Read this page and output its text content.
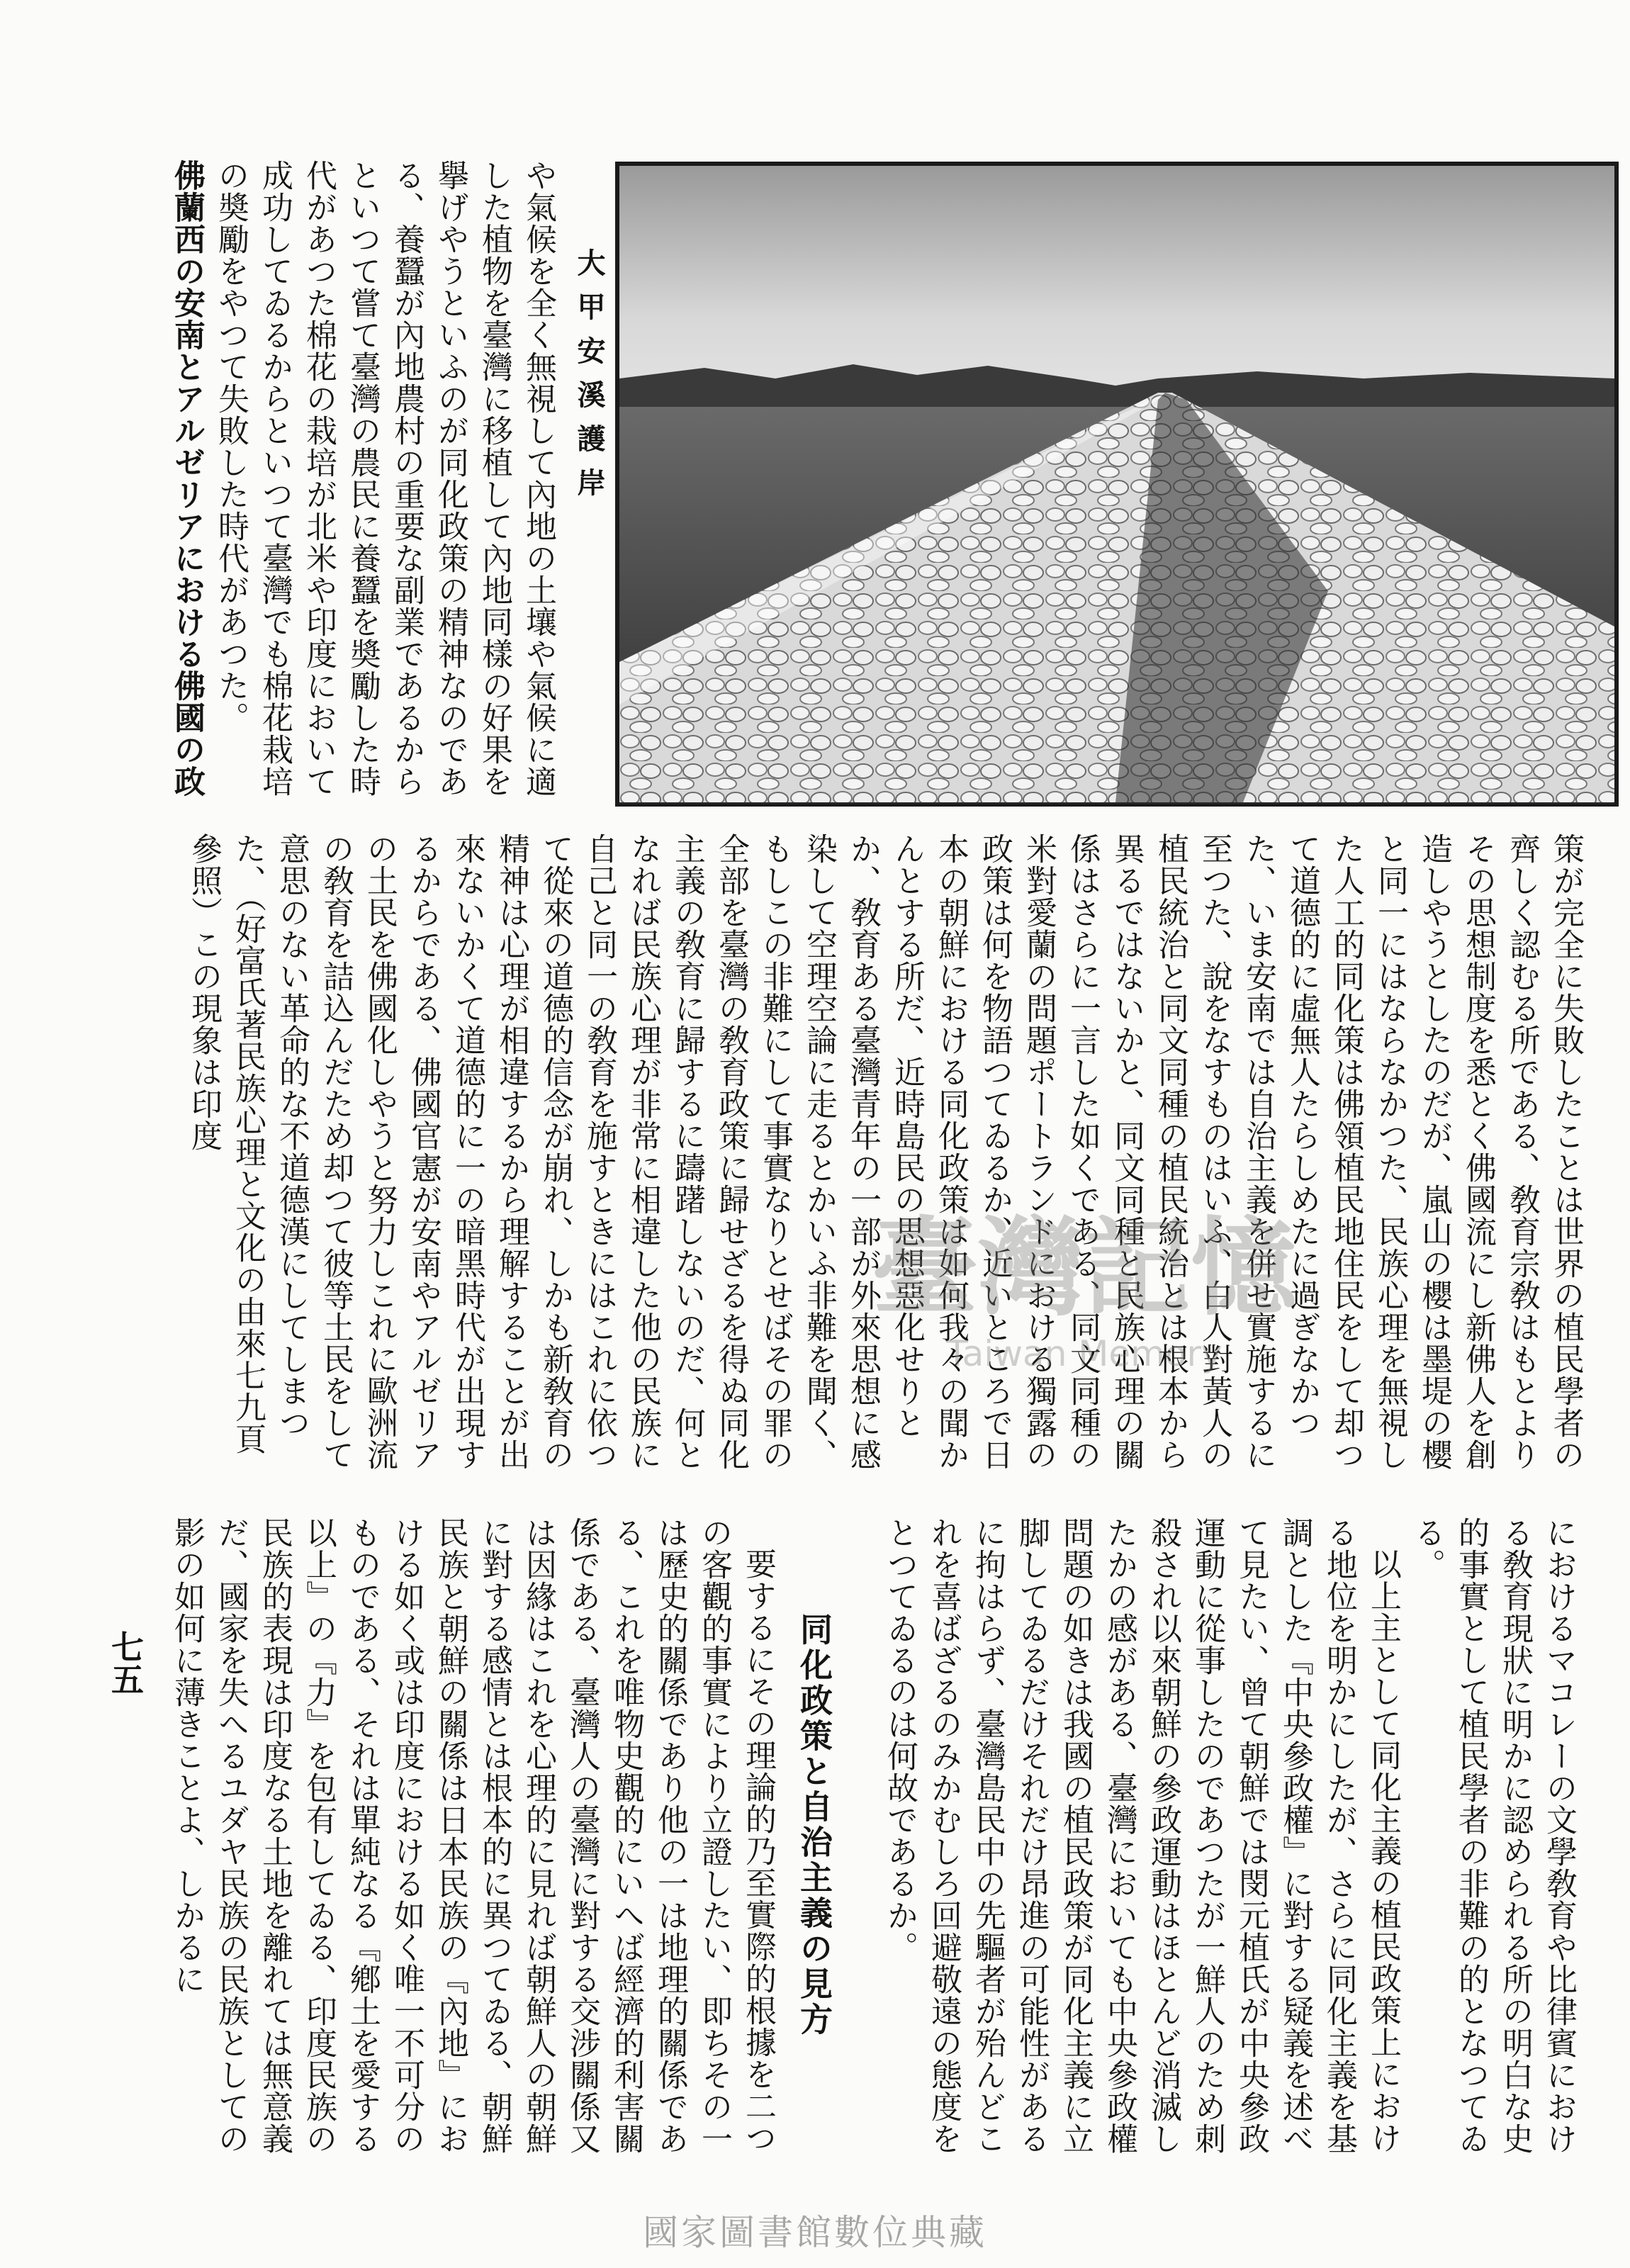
大甲安溪護岸

や氣候を全く無視して內地の土壤や氣候に適した植物を臺灣に移植して內地同樣の好果を擧げやうといふのが同化政策の精神なのである、養蠶が內地農村の重要な副業であるからといつて嘗て臺灣の農民に養蠶を奬勵した時代があつた棉花の栽培が北米や印度において成功してゐるからといつて臺灣でも棉花栽培の奬勵をやつて失敗した時代があつた。

佛蘭西の安南とアルゼリアにおける佛國の政

策が完全に失敗したことは世界の植民學者の齊しく認むる所である、敎育宗敎はもとよりその思想制度を悉とく佛國流にし新佛人を創造しやうとしたのだが、嵐山の櫻は墨堤の櫻と同一にはならなかつた、民族心理を無視した人工的同化策は佛領植民地住民をして却つて道德的に虛無人たらしめたに過ぎなかつた、いま安南では自治主義を併せ實施するに至つた、說をなすものはいふ、白人對黃人の植民統治と同文同種の植民統治とは根本から異るではないかと、同文同種と民族心理の關係はさらに一言した如くである、同文同種の米對愛蘭の問題ポートランドにおける獨露の政策は何を物語つてゐるか、近いところで日本の朝鮮における同化政策は如何我々の聞かんとする所だ、近時島民の思想惡化せりとか、敎育ある臺灣青年の一部が外來思想に感染して空理空論に走るとかいふ非難を聞く、もしこの非難にして事實なりとせばその罪の全部を臺灣の敎育政策に歸せざるを得ぬ同化主義の敎育に歸するに躊躇しないのだ、何となれば民族心理が非常に相違した他の民族に自己と同一の敎育を施すときにはこれに依つて從來の道德的信念が崩れ、しかも新敎育の精神は心理が相違するから理解することが出來ないかくて道德的に一の暗黑時代が出現するからである、佛國官憲が安南やアルゼリアの土民を佛國化しやうと努力しこれに歐洲流の敎育を詰込んだため却つて彼等土民をして意思のない革命的な不道德漢にしてしまつた、（好富氏著民族心理と文化の由來七九頁參照）この現象は印度

におけるマコレーの文學敎育や比律賓における敎育現狀に明かに認められる所の明白な史的事實として植民學者の非難の的となつてゐる。

以上主として同化主義の植民政策上における地位を明かにしたが、さらに同化主義を基調とした『中央參政權』に對する疑義を述べて見たい、曾て朝鮮では閔元植氏が中央參政運動に從事したのであつたが一鮮人のため刺殺され以來朝鮮の參政運動はほとんど消滅したかの感がある、臺灣においても中央參政權問題の如きは我國の植民政策が同化主義に立脚してゐるだけそれだけ昂進の可能性があるに拘はらず、臺灣島民中の先驅者が殆んどこれを喜ばざるのみかむしろ回避敬遠の態度をとつてゐるのは何故であるか。

同化政策と自治主義の見方

要するにその理論的乃至實際的根據を二つの客觀的事實により立證したい、即ちその一は歷史的關係であり他の一は地理的關係である、これを唯物史觀的にいへば經濟的利害關係である、臺灣人の臺灣に對する交涉關係又は因緣はこれを心理的に見れば朝鮮人の朝鮮に對する感情とは根本的に異つてゐる、朝鮮民族と朝鮮の關係は日本民族の『內地』における如く或は印度における如く唯一不可分のものである、それは單純なる『鄕土を愛する以上』の『力』を包有してゐる、印度民族の民族的表現は印度なる土地を離れては無意義だ、國家を失へるユダヤ民族の民族としての影の如何に薄きことよ、しかるに

七五
臺灣記憶
Taiwan Memory
國家圖書館數位典藏
